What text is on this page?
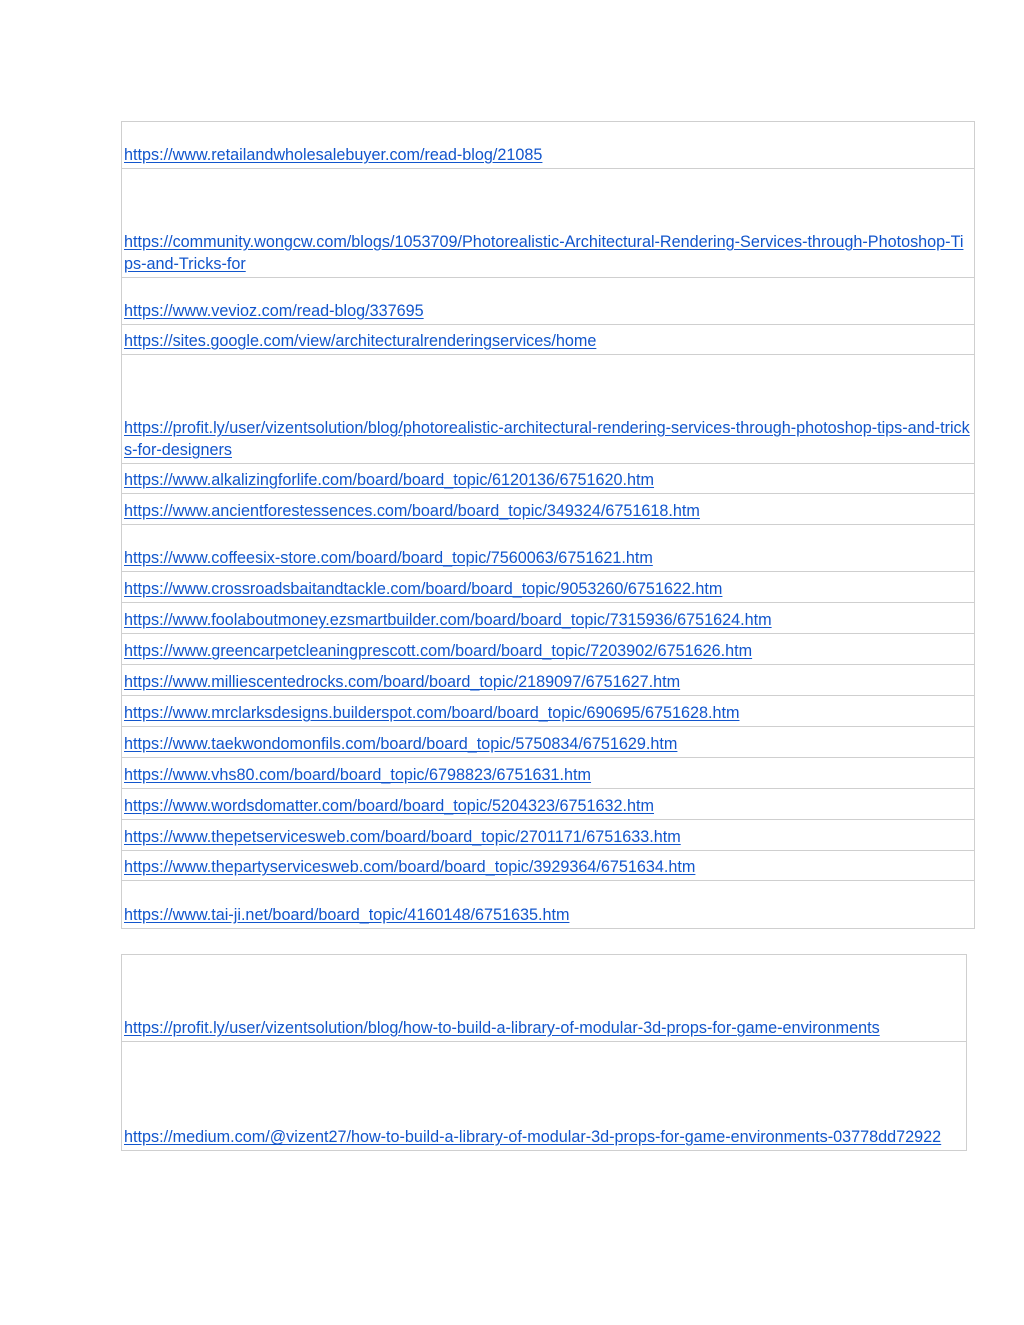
https://www.retailandwholesalebuyer.com/read-blog/21085
https://community.wongcw.com/blogs/1053709/Photorealistic-Architectural-Rendering-Services-through-Photoshop-Tips-and-Tricks-for
https://www.vevioz.com/read-blog/337695
https://sites.google.com/view/architecturalrenderingservices/home
https://profit.ly/user/vizentsolution/blog/photorealistic-architectural-rendering-services-through-photoshop-tips-and-tricks-for-designers
https://www.alkalizingforlife.com/board/board_topic/6120136/6751620.htm
https://www.ancientforestessences.com/board/board_topic/349324/6751618.htm
https://www.coffeesix-store.com/board/board_topic/7560063/6751621.htm
https://www.crossroadsbaitandtackle.com/board/board_topic/9053260/6751622.htm
https://www.foolaboutmoney.ezsmartbuilder.com/board/board_topic/7315936/6751624.htm
https://www.greencarpetcleaningprescott.com/board/board_topic/7203902/6751626.htm
https://www.milliescentedrocks.com/board/board_topic/2189097/6751627.htm
https://www.mrclarksdesigns.builderspot.com/board/board_topic/690695/6751628.htm
https://www.taekwondomonfils.com/board/board_topic/5750834/6751629.htm
https://www.vhs80.com/board/board_topic/6798823/6751631.htm
https://www.wordsdomatter.com/board/board_topic/5204323/6751632.htm
https://www.thepetservicesweb.com/board/board_topic/2701171/6751633.htm
https://www.thepartyservicesweb.com/board/board_topic/3929364/6751634.htm
https://www.tai-ji.net/board/board_topic/4160148/6751635.htm
https://profit.ly/user/vizentsolution/blog/how-to-build-a-library-of-modular-3d-props-for-game-environments
https://medium.com/@vizent27/how-to-build-a-library-of-modular-3d-props-for-game-environments-03778dd72922
